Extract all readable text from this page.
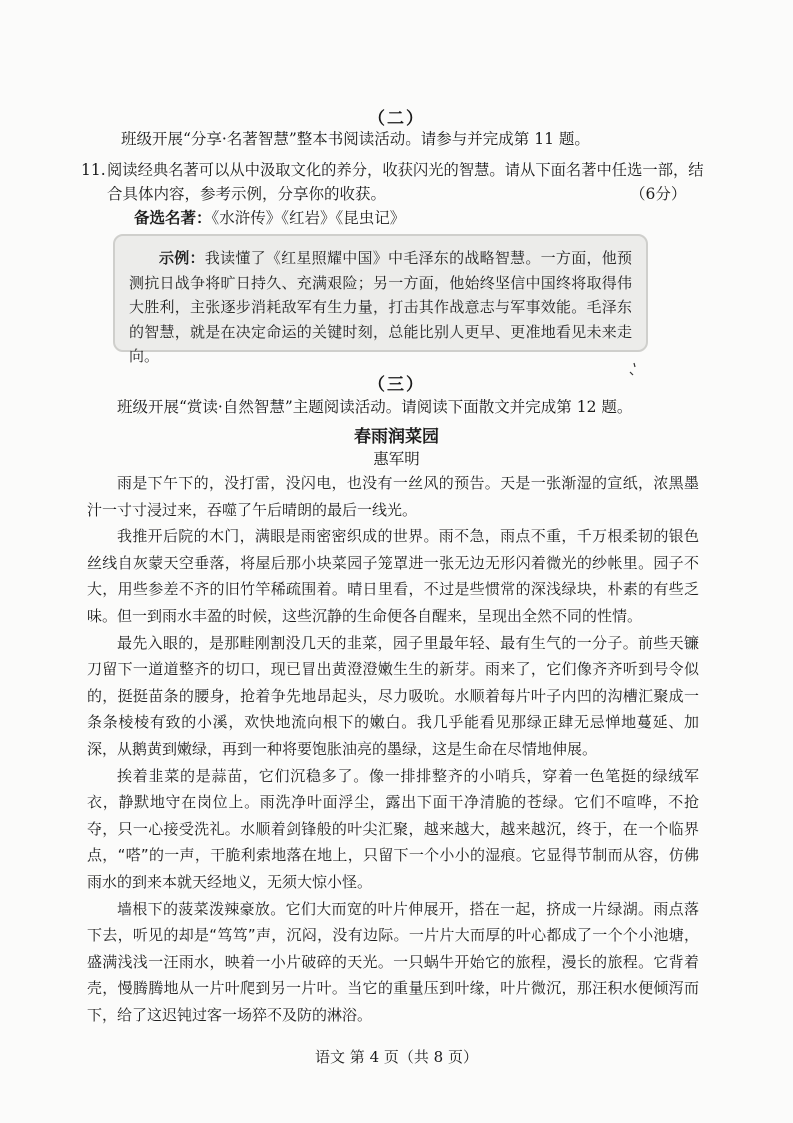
（二）
班级开展“分享·名著智慧”整本书阅读活动。请参与并完成第 11 题。
11. 阅读经典名著可以从中汲取文化的养分，收获闪光的智慧。请从下面名著中任选一部，结
合具体内容，参考示例，分享你的收获。	（6分）
备选名著：《水浒传》《红岩》《昆虫记》

示例：我读懂了《红星照耀中国》中毛泽东的战略智慧。一方面，他预测抗日战争将旷日持久、充满艰险；另一方面，他始终坚信中国终将取得伟大胜利，主张逐步消耗敌军有生力量，打击其作战意志与军事效能。毛泽东的智慧，就是在决定命运的关键时刻，总能比别人更早、更准地看见未来走向。

（三）
班级开展“赏读·自然智慧”主题阅读活动。请阅读下面散文并完成第 12 题。
春雨润菜园
惠军明

雨是下午下的，没打雷，没闪电，也没有一丝风的预告。天是一张渐湿的宣纸，浓黑墨汁一寸寸浸过来，吞噬了午后晴朗的最后一线光。

我推开后院的木门，满眼是雨密密织成的世界。雨不急，雨点不重，千万根柔韧的银色丝线自灰蒙天空垂落，将屋后那小块菜园子笼罩进一张无边无形闪着微光的纱帐里。园子不大，用些参差不齐的旧竹竿稀疏围着。晴日里看，不过是些惯常的深浅绿块，朴素的有些乏味。但一到雨水丰盈的时候，这些沉静的生命便各自醒来，呈现出全然不同的性情。

最先入眼的，是那畦刚割没几天的韭菜，园子里最年轻、最有生气的一分子。前些天镰刀留下一道道整齐的切口，现已冒出黄澄澄嫩生生的新芽。雨来了，它们像齐齐听到号令似的，挺挺苗条的腰身，抢着争先地昂起头，尽力吸吮。水顺着每片叶子内凹的沟槽汇聚成一条条棱棱有致的小溪，欢快地流向根下的嫩白。我几乎能看见那绿正肆无忌惮地蔓延、加深，从鹅黄到嫩绿，再到一种将要饱胀油亮的墨绿，这是生命在尽情地伸展。

挨着韭菜的是蒜苗，它们沉稳多了。像一排排整齐的小哨兵，穿着一色笔挺的绿绒军衣，静默地守在岗位上。雨洗净叶面浮尘，露出下面干净清脆的苍绿。它们不喧哗，不抢夺，只一心接受洗礼。水顺着剑锋般的叶尖汇聚，越来越大，越来越沉，终于，在一个临界点，“嗒”的一声，干脆利索地落在地上，只留下一个小小的湿痕。它显得节制而从容，仿佛雨水的到来本就天经地义，无须大惊小怪。

墙根下的菠菜泼辣豪放。它们大而宽的叶片伸展开，搭在一起，挤成一片绿湖。雨点落下去，听见的却是“笃笃”声，沉闷，没有边际。一片片大而厚的叶心都成了一个个小池塘，盛满浅浅一汪雨水，映着一小片破碎的天光。一只蜗牛开始它的旅程，漫长的旅程。它背着壳，慢腾腾地从一片叶爬到另一片叶。当它的重量压到叶缘，叶片微沉，那汪积水便倾泻而下，给了这迟钝过客一场猝不及防的淋浴。

语文 第 4 页（共 8 页）
